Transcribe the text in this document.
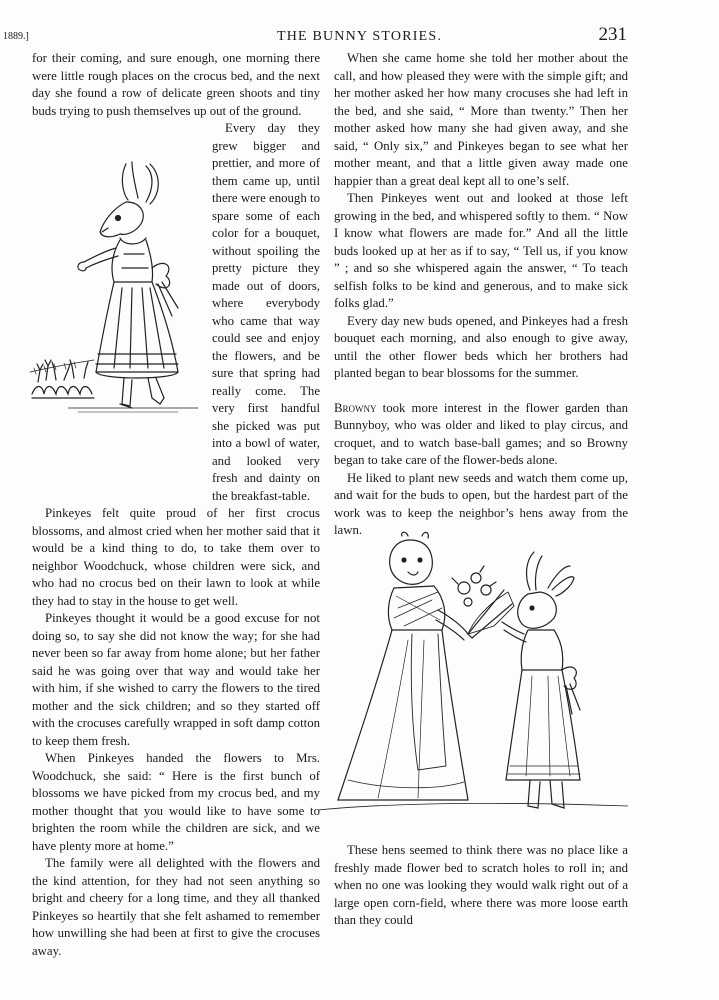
1889.]	THE BUNNY STORIES.	231

for their coming, and sure enough, one morning there were little rough places on the crocus bed, and the next day she found a row of delicate green shoots and tiny buds trying to push themselves up out of the ground.

Every day they grew bigger and prettier, and more of them came up, until there were enough to spare some of each color for a bouquet, without spoiling the pretty picture they made out of doors, where everybody who came that way could see and enjoy the flowers, and be sure that spring had really come. The very first handful she picked was put into a bowl of water, and looked very fresh and dainty on the breakfast-table.

Pinkeyes felt quite proud of her first crocus blossoms, and almost cried when her mother said that it would be a kind thing to do, to take them over to neighbor Woodchuck, whose children were sick, and who had no crocus bed on their lawn to look at while they had to stay in the house to get well.

Pinkeyes thought it would be a good excuse for not doing so, to say she did not know the way; for she had never been so far away from home alone; but her father said he was going over that way and would take her with him, if she wished to carry the flowers to the tired mother and the sick children; and so they started off with the crocuses carefully wrapped in soft damp cotton to keep them fresh.

When Pinkeyes handed the flowers to Mrs. Woodchuck, she said: “ Here is the first bunch of blossoms we have picked from my crocus bed, and my mother thought that you would like to have some to brighten the room while the children are sick, and we have plenty more at home.”

The family were all delighted with the flowers and the kind attention, for they had not seen anything so bright and cheery for a long time, and they all thanked Pinkeyes so heartily that she felt ashamed to remember how unwilling she had been at first to give the crocuses away.

When she came home she told her mother about the call, and how pleased they were with the simple gift; and her mother asked her how many crocuses she had left in the bed, and she said, “ More than twenty.” Then her mother asked how many she had given away, and she said, “ Only six,” and Pinkeyes began to see what her mother meant, and that a little given away made one happier than a great deal kept all to one’s self.

Then Pinkeyes went out and looked at those left growing in the bed, and whispered softly to them. “ Now I know what flowers are made for.” And all the little buds looked up at her as if to say, “ Tell us, if you know ” ; and so she whispered again the answer, “ To teach selfish folks to be kind and generous, and to make sick folks glad.”

Every day new buds opened, and Pinkeyes had a fresh bouquet each morning, and also enough to give away, until the other flower beds which her brothers had planted began to bear blossoms for the summer.

Browny took more interest in the flower garden than Bunnyboy, who was older and liked to play circus, and croquet, and to watch base-ball games; and so Browny began to take care of the flower-beds alone.

He liked to plant new seeds and watch them come up, and wait for the buds to open, but the hardest part of the work was to keep the neighbor’s hens away from the lawn.

These hens seemed to think there was no place like a freshly made flower bed to scratch holes to roll in; and when no one was looking they would walk right out of a large open corn-field, where there was more loose earth than they could
